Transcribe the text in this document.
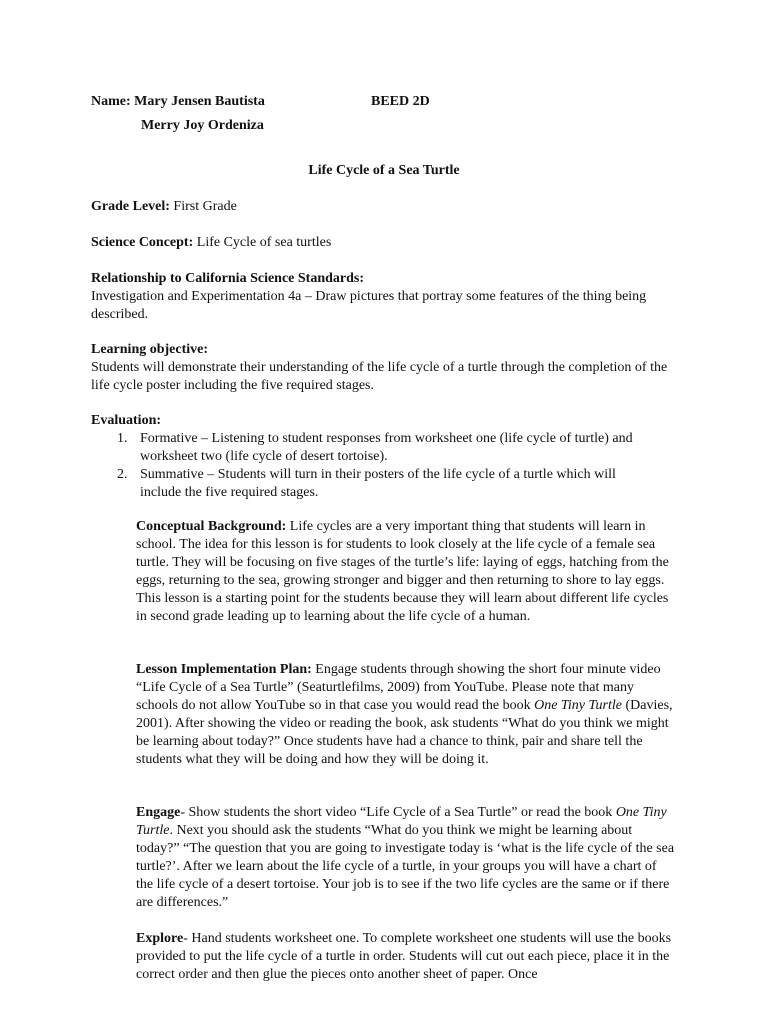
Name: Mary Jensen Bautista	BEED 2D
Merry Joy Ordeniza
Life Cycle of a Sea Turtle
Grade Level: First Grade
Science Concept: Life Cycle of sea turtles

Relationship to California Science Standards:

Investigation and Experimentation 4a – Draw pictures that portray some features of the thing being described.

Learning objective:

Students will demonstrate their understanding of the life cycle of a turtle through the completion of the life cycle poster including the five required stages.

Evaluation:
1. Formative – Listening to student responses from worksheet one (life cycle of turtle) and worksheet two (life cycle of desert tortoise).
2. Summative – Students will turn in their posters of the life cycle of a turtle which will include the five required stages.

Conceptual Background: Life cycles are a very important thing that students will learn in school. The idea for this lesson is for students to look closely at the life cycle of a female sea turtle. They will be focusing on five stages of the turtle’s life: laying of eggs, hatching from the eggs, returning to the sea, growing stronger and bigger and then returning to shore to lay eggs. This lesson is a starting point for the students because they will learn about different life cycles in second grade leading up to learning about the life cycle of a human.

Lesson Implementation Plan: Engage students through showing the short four minute video “Life Cycle of a Sea Turtle” (Seaturtlefilms, 2009) from YouTube. Please note that many schools do not allow YouTube so in that case you would read the book One Tiny Turtle (Davies, 2001). After showing the video or reading the book, ask students “What do you think we might be learning about today?” Once students have had a chance to think, pair and share tell the students what they will be doing and how they will be doing it.

Engage- Show students the short video “Life Cycle of a Sea Turtle” or read the book One Tiny Turtle. Next you should ask the students “What do you think we might be learning about today?” “The question that you are going to investigate today is ‘what is the life cycle of the sea turtle?’. After we learn about the life cycle of a turtle, in your groups you will have a chart of the life cycle of a desert tortoise. Your job is to see if the two life cycles are the same or if there are differences.”

Explore- Hand students worksheet one. To complete worksheet one students will use the books provided to put the life cycle of a turtle in order. Students will cut out each piece, place it in the correct order and then glue the pieces onto another sheet of paper. Once
